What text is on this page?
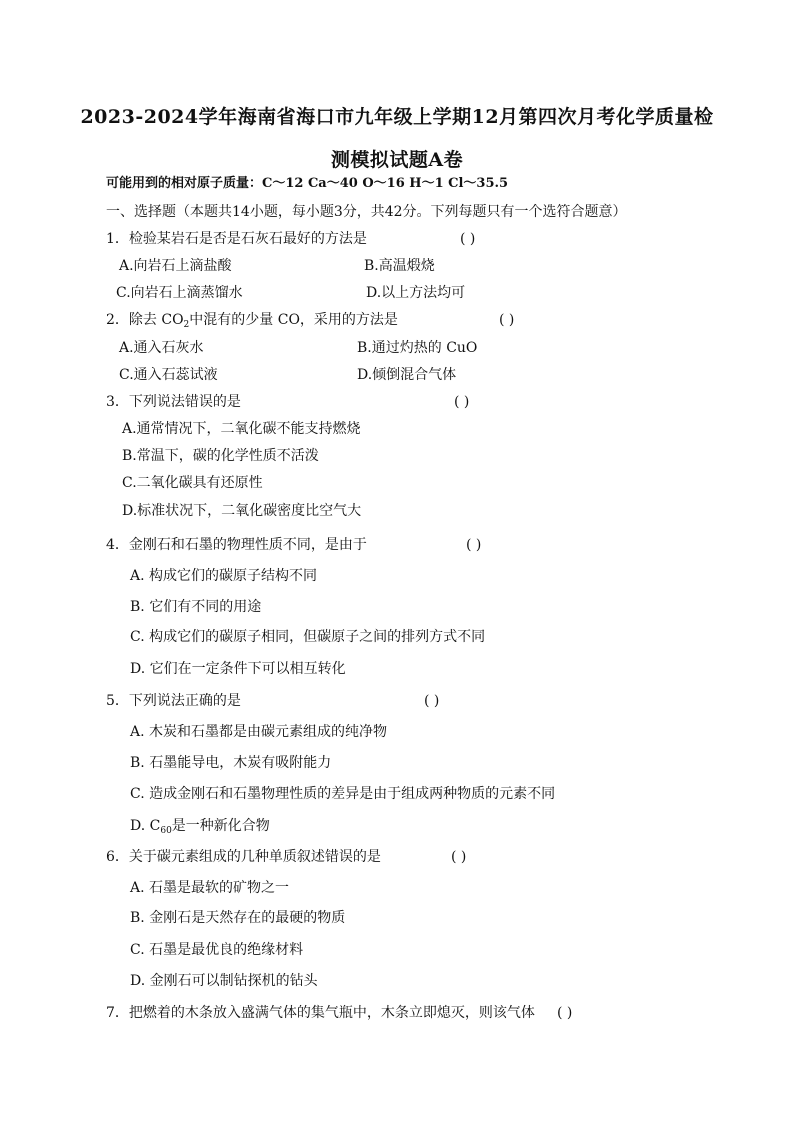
2023-2024学年海南省海口市九年级上学期12月第四次月考化学质量检
测模拟试题A卷
可能用到的相对原子质量：C～12 Ca～40 O～16 H～1 Cl～35.5
一、选择题（本题共14小题，每小题3分，共42分。下列每题只有一个选符合题意）
1．检验某岩石是否是石灰石最好的方法是	( )
A.向岩石上滴盐酸	B.高温煅烧
C.向岩石上滴蒸馏水	D.以上方法均可
2．除去 $CO_2$中混有的少量 CO，采用的方法是	( )
A.通入石灰水	B.通过灼热的 CuO
C.通入石蕊试液	D.倾倒混合气体
3．下列说法错误的是	( )
A.通常情况下，二氧化碳不能支持燃烧
B.常温下，碳的化学性质不活泼
C.二氧化碳具有还原性
D.标准状况下，二氧化碳密度比空气大
4．金刚石和石墨的物理性质不同，是由于	( )
A. 构成它们的碳原子结构不同
B. 它们有不同的用途
C. 构成它们的碳原子相同，但碳原子之间的排列方式不同
D. 它们在一定条件下可以相互转化
5．下列说法正确的是	( )
A. 木炭和石墨都是由碳元素组成的纯净物
B. 石墨能导电，木炭有吸附能力
C. 造成金刚石和石墨物理性质的差异是由于组成两种物质的元素不同
D. $C_{60}$是一种新化合物
6．关于碳元素组成的几种单质叙述错误的是	( )
A. 石墨是最软的矿物之一
B. 金刚石是天然存在的最硬的物质
C. 石墨是最优良的绝缘材料
D. 金刚石可以制钻探机的钻头
7．把燃着的木条放入盛满气体的集气瓶中，木条立即熄灭，则该气体 ( )
